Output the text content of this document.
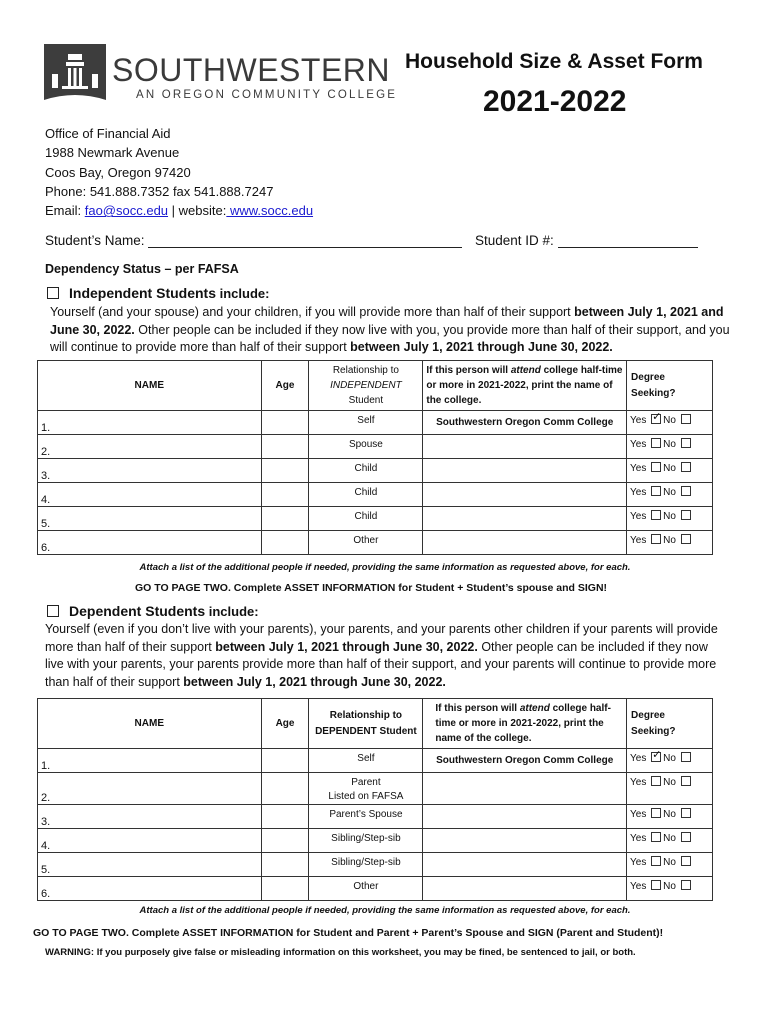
SOUTHWESTERN
AN OREGON COMMUNITY COLLEGE
Household Size & Asset Form
2021-2022
Office of Financial Aid
1988 Newmark Avenue
Coos Bay, Oregon 97420
Phone: 541.888.7352 fax 541.888.7247
Email: fao@socc.edu | website: www.socc.edu
Student’s Name:	Student ID #:
Dependency Status – per FAFSA
Independent Students include:
Yourself (and your spouse) and your children, if you will provide more than half of their support between July 1, 2021 and June 30, 2022. Other people can be included if they now live with you, you provide more than half of their support, and you will continue to provide more than half of their support between July 1, 2021 through June 30, 2022.
NAME	Age	Relationship to
INDEPENDENT
Student	If this person will attend college half-time or more in 2021-2022, print the name of the college.	Degree Seeking?
1.		Self	Southwestern Oregon Comm College	Yes ✓ No
2.		Spouse		Yes No
3.		Child		Yes No
4.		Child		Yes No
5.		Child		Yes No
6.		Other		Yes No
Attach a list of the additional people if needed, providing the same information as requested above, for each.
GO TO PAGE TWO. Complete ASSET INFORMATION for Student + Student’s spouse and SIGN!
Dependent Students include:
Yourself (even if you don’t live with your parents), your parents, and your parents other children if your parents will provide more than half of their support between July 1, 2021 through June 30, 2022. Other people can be included if they now live with your parents, your parents provide more than half of their support, and your parents will continue to provide more than half of their support between July 1, 2021 through June 30, 2022.
NAME	Age	Relationship to
DEPENDENT Student	If this person will attend college half-time or more in 2021-2022, print the name of the college.	Degree Seeking?
1.		Self	Southwestern Oregon Comm College	Yes ✓ No
2.		Parent
Listed on FAFSA		Yes No
3.		Parent’s Spouse		Yes No
4.		Sibling/Step-sib		Yes No
5.		Sibling/Step-sib		Yes No
6.		Other		Yes No
Attach a list of the additional people if needed, providing the same information as requested above, for each.
GO TO PAGE TWO. Complete ASSET INFORMATION for Student and Parent + Parent’s Spouse and SIGN (Parent and Student)!
WARNING: If you purposely give false or misleading information on this worksheet, you may be fined, be sentenced to jail, or both.
